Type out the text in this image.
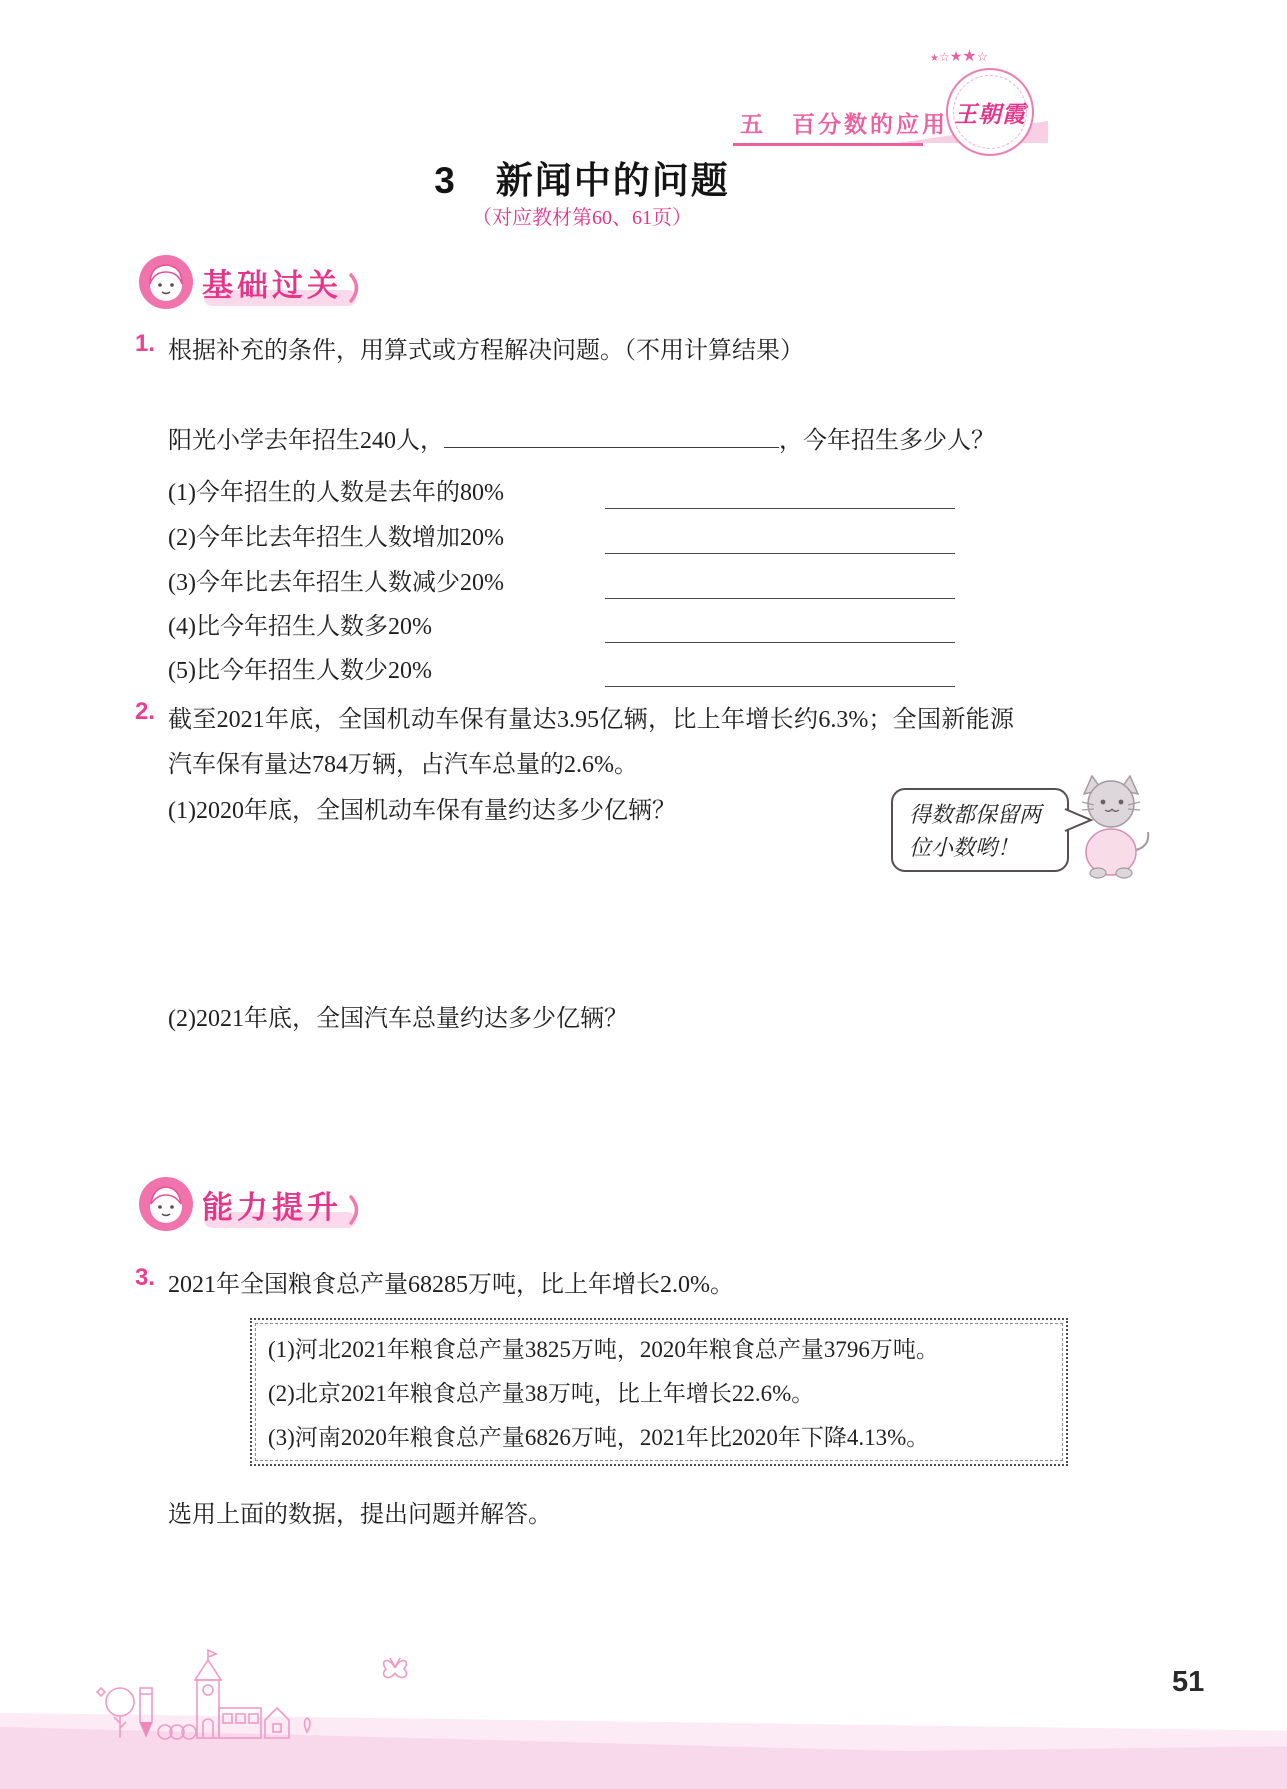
五　百分数的应用
★☆★★☆
王朝霞
3　新闻中的问题
（对应教材第60、61页）
基础过关
1. 根据补充的条件，用算式或方程解决问题。（不用计算结果）
阳光小学去年招生240人，	，今年招生多少人？
(1)今年招生的人数是去年的80%
(2)今年比去年招生人数增加20%
(3)今年比去年招生人数减少20%
(4)比今年招生人数多20%
(5)比今年招生人数少20%
2. 截至2021年底，全国机动车保有量达3.95亿辆，比上年增长约6.3%；全国新能源汽车保有量达784万辆，占汽车总量的2.6%。
(1)2020年底，全国机动车保有量约达多少亿辆？	得数都保留两
位小数哟！
(2)2021年底，全国汽车总量约达多少亿辆？
能力提升
3. 2021年全国粮食总产量68285万吨，比上年增长2.0%。
(1)河北2021年粮食总产量3825万吨，2020年粮食总产量3796万吨。
(2)北京2021年粮食总产量38万吨，比上年增长22.6%。
(3)河南2020年粮食总产量6826万吨，2021年比2020年下降4.13%。
选用上面的数据，提出问题并解答。
51
